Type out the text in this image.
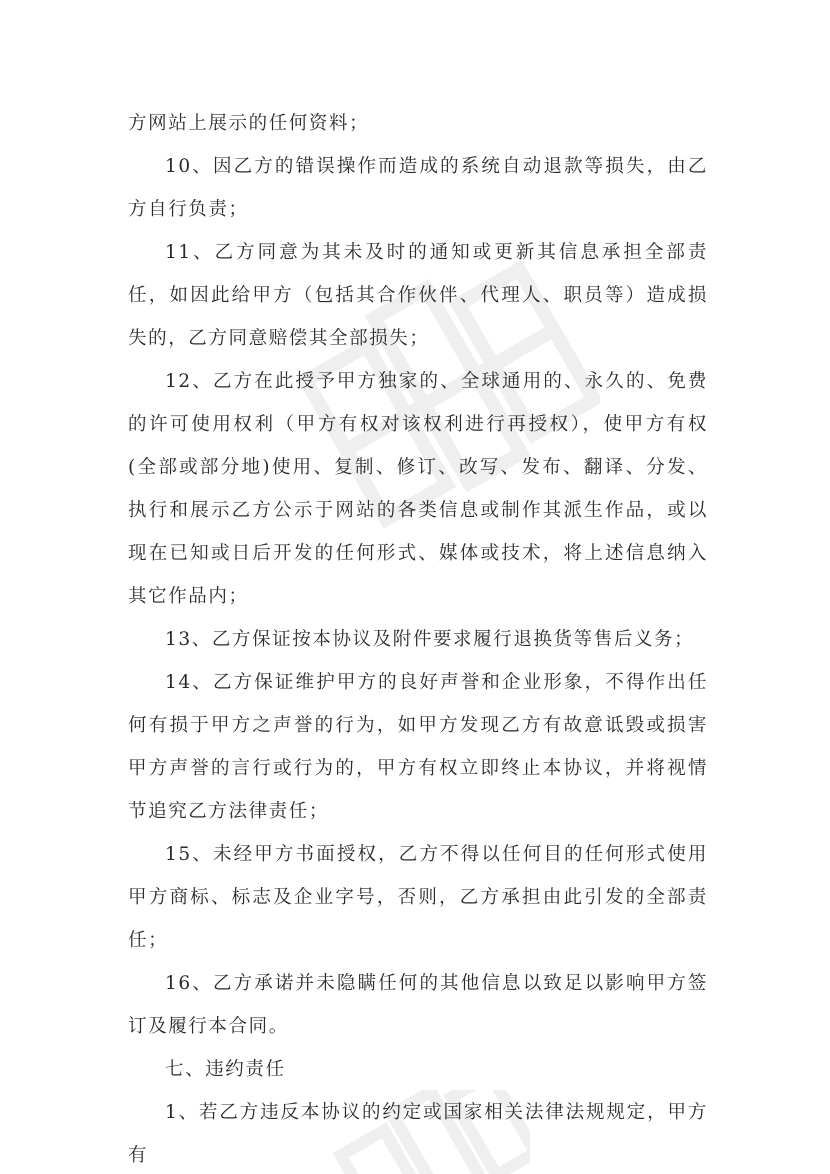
方网站上展示的任何资料；

10、因乙方的错误操作而造成的系统自动退款等损失，由乙方自行负责；

11、乙方同意为其未及时的通知或更新其信息承担全部责任，如因此给甲方（包括其合作伙伴、代理人、职员等）造成损失的，乙方同意赔偿其全部损失；

12、乙方在此授予甲方独家的、全球通用的、永久的、免费的许可使用权利（甲方有权对该权利进行再授权），使甲方有权(全部或部分地)使用、复制、修订、改写、发布、翻译、分发、执行和展示乙方公示于网站的各类信息或制作其派生作品，或以现在已知或日后开发的任何形式、媒体或技术，将上述信息纳入其它作品内；

13、乙方保证按本协议及附件要求履行退换货等售后义务；

14、乙方保证维护甲方的良好声誉和企业形象，不得作出任何有损于甲方之声誉的行为，如甲方发现乙方有故意诋毁或损害甲方声誉的言行或行为的，甲方有权立即终止本协议，并将视情节追究乙方法律责任；

15、未经甲方书面授权，乙方不得以任何目的任何形式使用甲方商标、标志及企业字号，否则，乙方承担由此引发的全部责任；

16、乙方承诺并未隐瞒任何的其他信息以致足以影响甲方签订及履行本合同。

七、违约责任

1、若乙方违反本协议的约定或国家相关法律法规规定，甲方有
